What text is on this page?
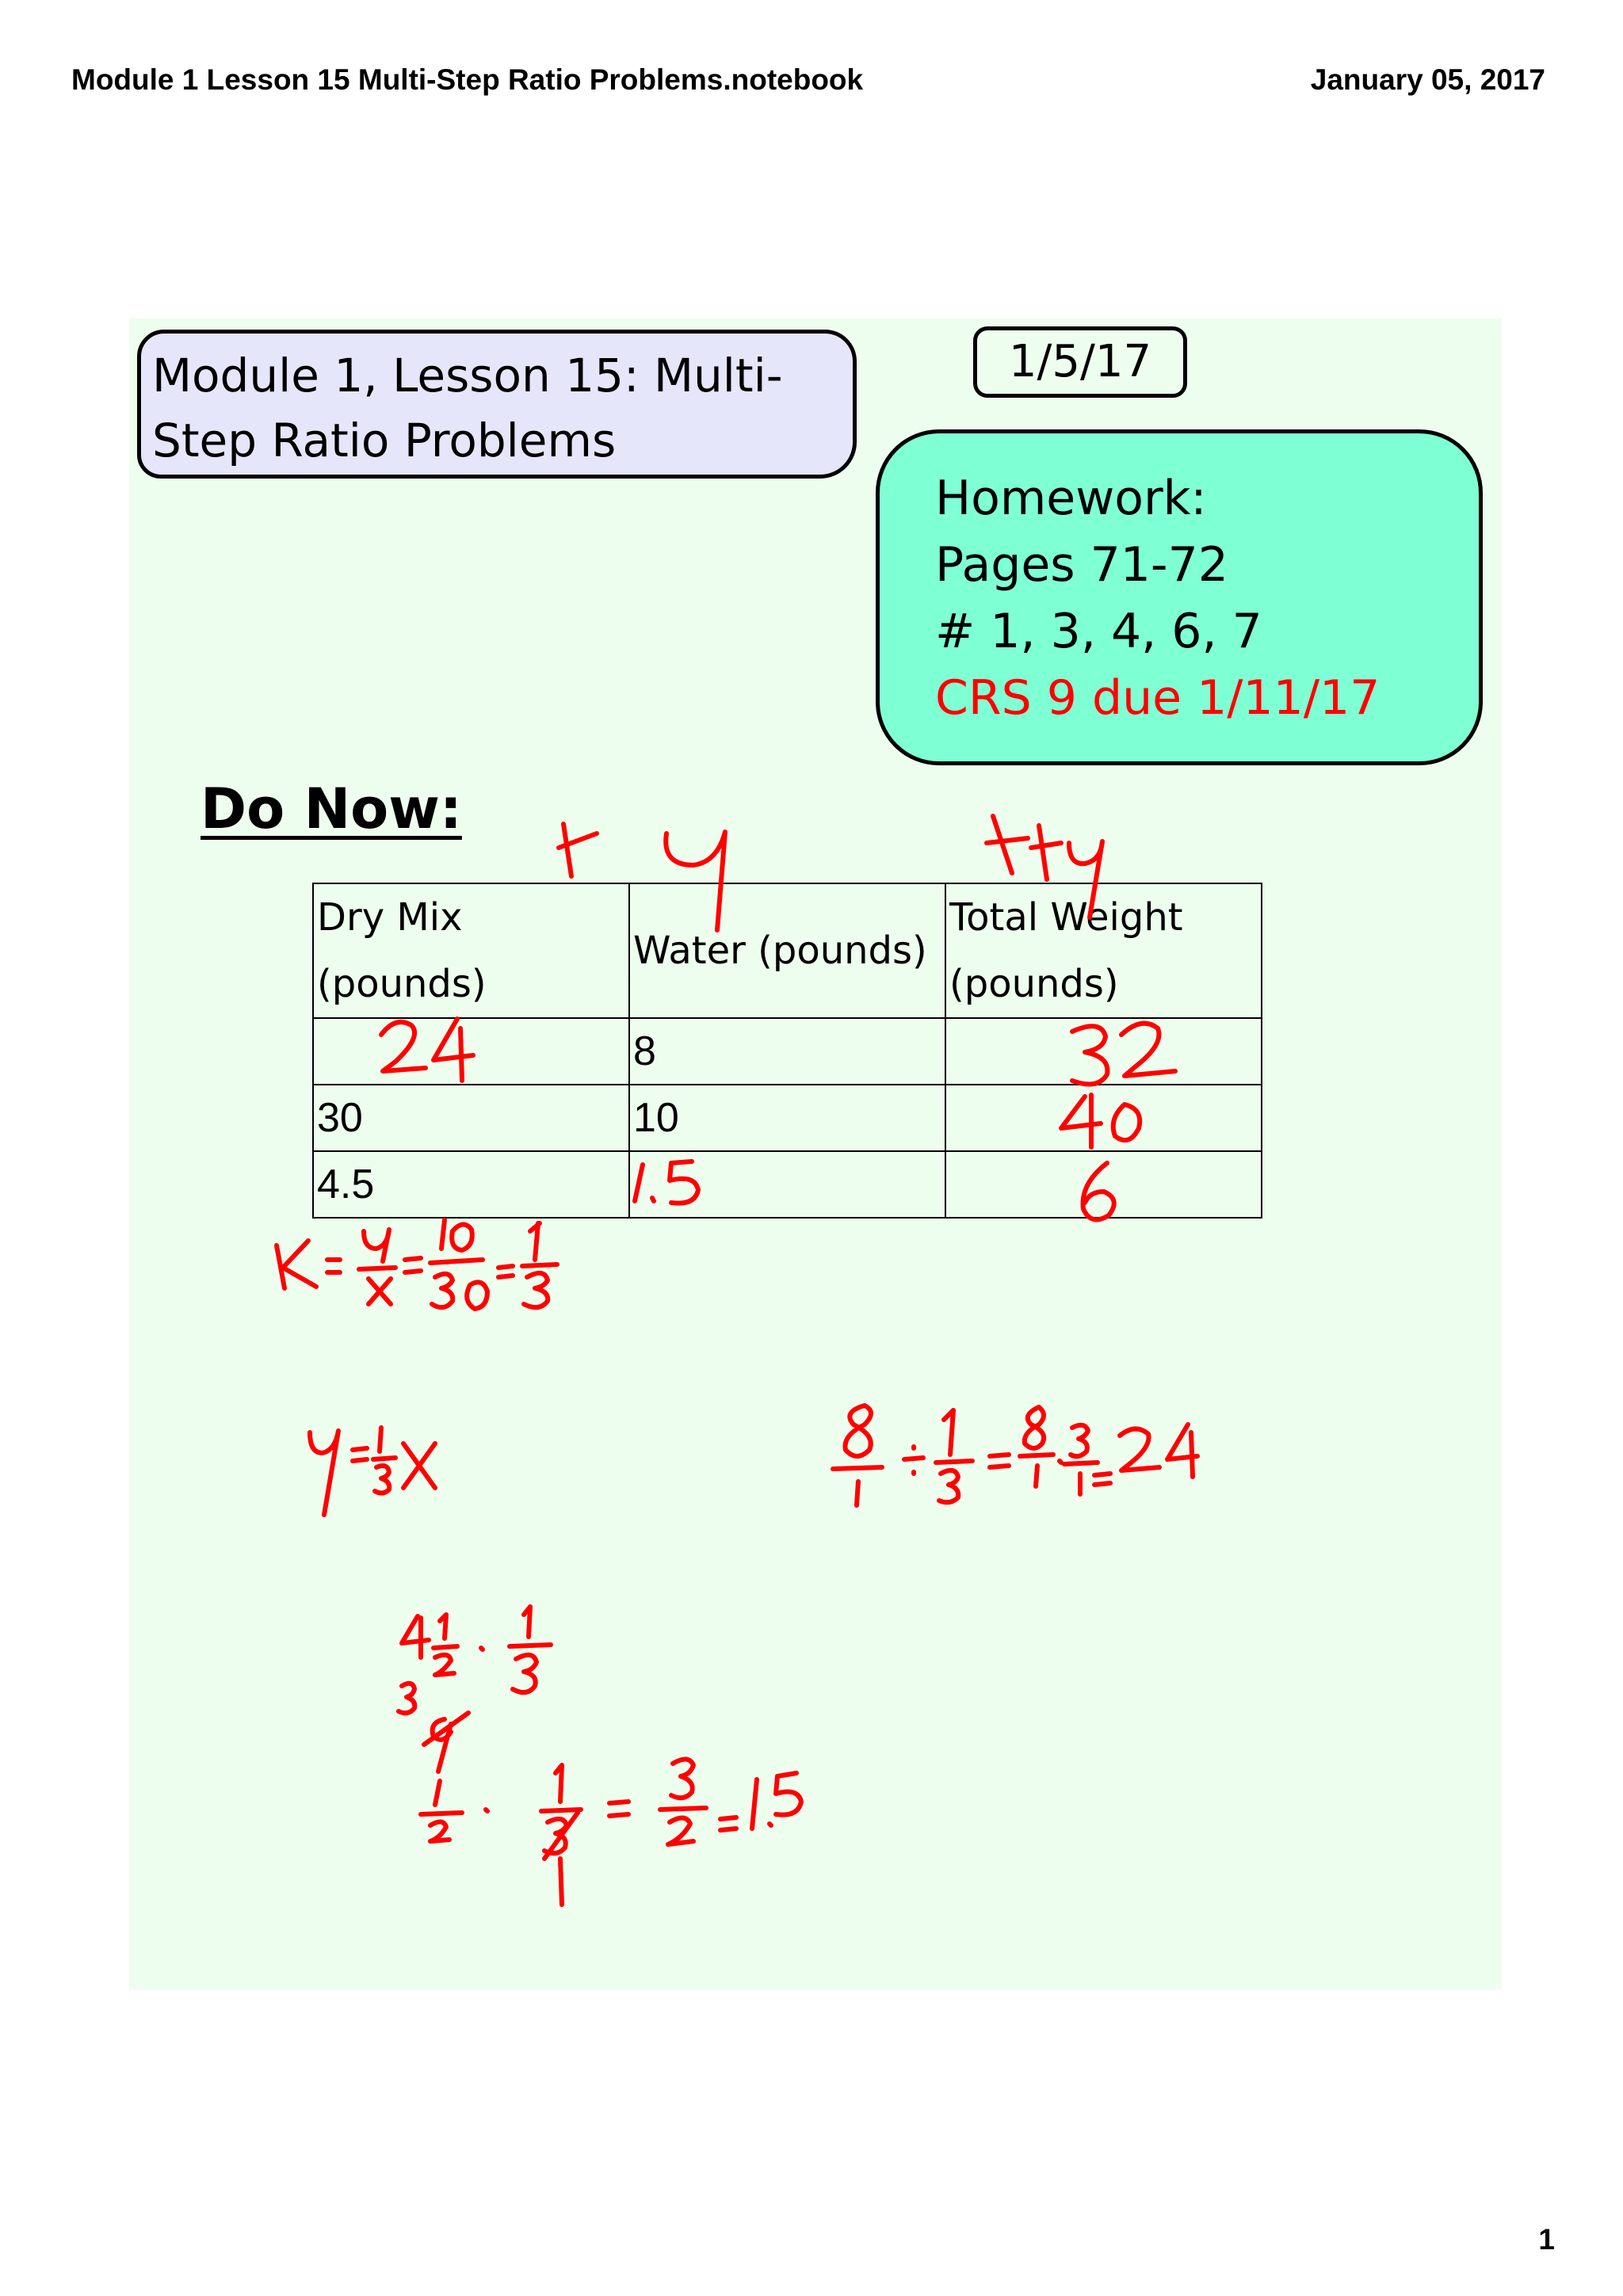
Module 1 Lesson 15 Multi-Step Ratio Problems.notebook	January 05, 2017
Module 1, Lesson 15: Multi-
Step Ratio Problems
1/5/17
Homework:
Pages 71-72
# 1, 3, 4, 6, 7
CRS 9 due 1/11/17
Do Now:
Dry Mix (pounds)	Water (pounds)	Total Weight (pounds)
	8	
30	10	
4.5		
1
